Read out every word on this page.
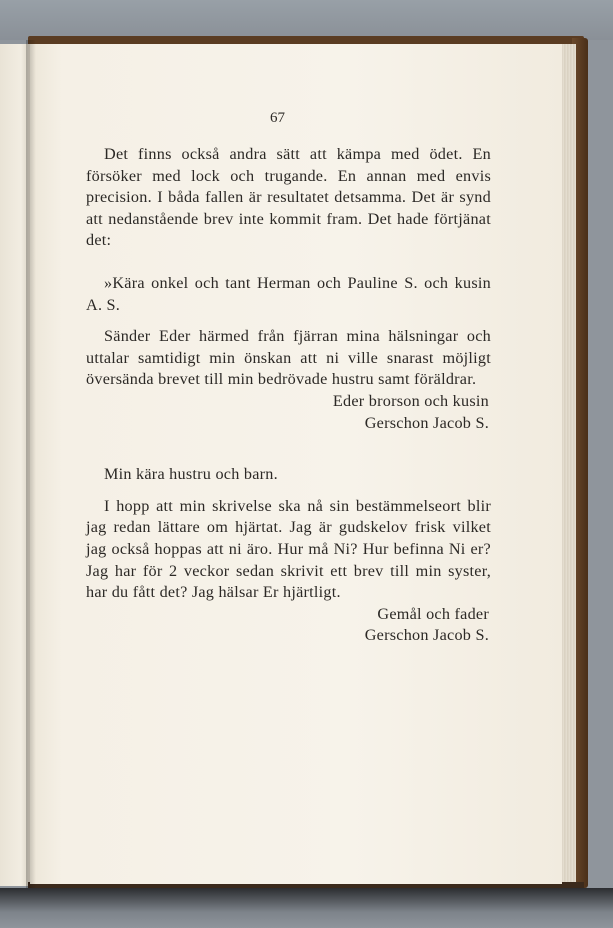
67

Det finns också andra sätt att kämpa med ödet. En försöker med lock och trugande. En annan med envis precision. I båda fallen är resultatet detsamma. Det är synd att nedanstående brev inte kommit fram. Det hade förtjänat det:

»Kära onkel och tant Herman och Pauline S. och kusin A. S.

Sänder Eder härmed från fjärran mina hälsningar och uttalar samtidigt min önskan att ni ville snarast möjligt översända brevet till min bedrövade hustru samt föräldrar.

Eder brorson och kusin
Gerschon Jacob S.

Min kära hustru och barn.

I hopp att min skrivelse ska nå sin bestämmelseort blir jag redan lättare om hjärtat. Jag är gudskelov frisk vilket jag också hoppas att ni äro. Hur må Ni? Hur befinna Ni er? Jag har för 2 veckor sedan skrivit ett brev till min syster, har du fått det? Jag hälsar Er hjärtligt.

Gemål och fader
Gerschon Jacob S.
